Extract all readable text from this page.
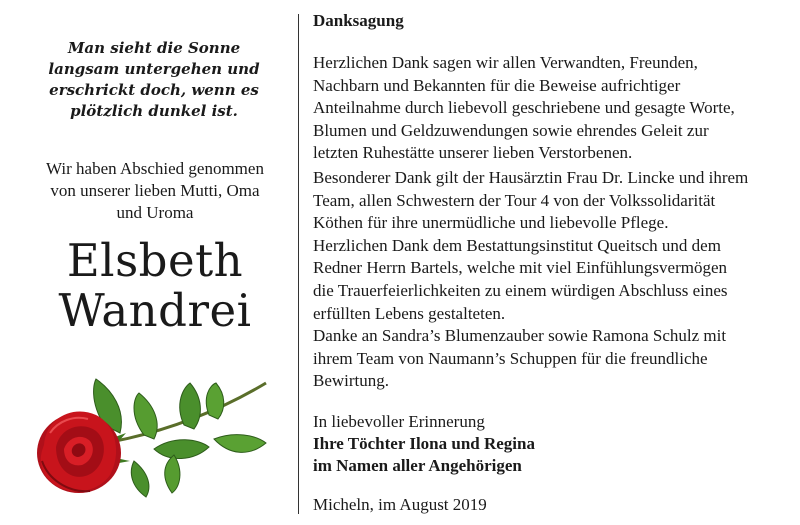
Man sieht die Sonne
langsam untergehen und
erschrickt doch, wenn es
plötzlich dunkel ist.
Wir haben Abschied genommen
von unserer lieben Mutti, Oma
und Uroma
Elsbeth
Wandrei
Danksagung
Herzlichen Dank sagen wir allen Verwandten, Freunden,
Nachbarn und Bekannten für die Beweise aufrichtiger
Anteilnahme durch liebevoll geschriebene und gesagte Worte,
Blumen und Geldzuwendungen sowie ehrendes Geleit zur
letzten Ruhestätte unserer lieben Verstorbenen.
Besonderer Dank gilt der Hausärztin Frau Dr. Lincke und ihrem
Team, allen Schwestern der Tour 4 von der Volkssolidarität
Köthen für ihre unermüdliche und liebevolle Pflege.
Herzlichen Dank dem Bestattungsinstitut Queitsch und dem
Redner Herrn Bartels, welche mit viel Einfühlungsvermögen
die Trauerfeierlichkeiten zu einem würdigen Abschluss eines
erfüllten Lebens gestalteten.
Danke an Sandra’s Blumenzauber sowie Ramona Schulz mit
ihrem Team von Naumann’s Schuppen für die freundliche
Bewirtung.
In liebevoller Erinnerung
Ihre Töchter Ilona und Regina
im Namen aller Angehörigen
Micheln, im August 2019
